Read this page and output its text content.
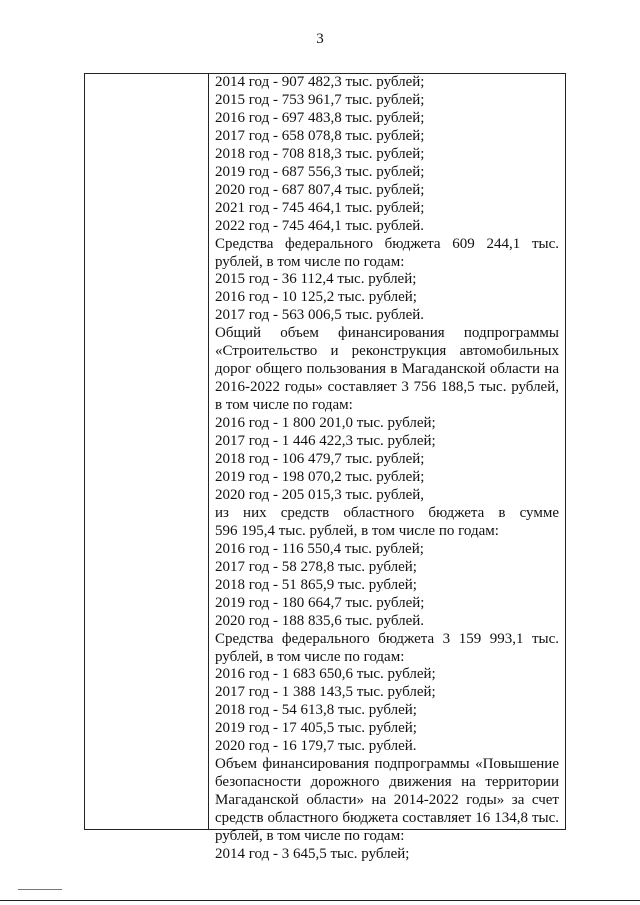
3
2014 год - 907 482,3 тыс. рублей;
2015 год - 753 961,7 тыс. рублей;
2016 год - 697 483,8 тыс. рублей;
2017 год - 658 078,8 тыс. рублей;
2018 год - 708 818,3 тыс. рублей;
2019 год - 687 556,3 тыс. рублей;
2020 год - 687 807,4 тыс. рублей;
2021 год - 745 464,1 тыс. рублей;
2022 год - 745 464,1 тыс. рублей.
Средства федерального бюджета 609 244,1 тыс.
рублей, в том числе по годам:
2015 год - 36 112,4 тыс. рублей;
2016 год - 10 125,2 тыс. рублей;
2017 год - 563 006,5 тыс. рублей.
Общий объем финансирования подпрограммы
«Строительство и реконструкция автомобильных
дорог общего пользования в Магаданской области на
2016-2022 годы» составляет 3 756 188,5 тыс. рублей,
в том числе по годам:
2016 год - 1 800 201,0 тыс. рублей;
2017 год - 1 446 422,3 тыс. рублей;
2018 год - 106 479,7 тыс. рублей;
2019 год - 198 070,2 тыс. рублей;
2020 год - 205 015,3 тыс. рублей,
из них средств областного бюджета в сумме
596 195,4 тыс. рублей, в том числе по годам:
2016 год - 116 550,4 тыс. рублей;
2017 год - 58 278,8 тыс. рублей;
2018 год - 51 865,9 тыс. рублей;
2019 год - 180 664,7 тыс. рублей;
2020 год - 188 835,6 тыс. рублей.
Средства федерального бюджета 3 159 993,1 тыс.
рублей, в том числе по годам:
2016 год - 1 683 650,6 тыс. рублей;
2017 год - 1 388 143,5 тыс. рублей;
2018 год - 54 613,8 тыс. рублей;
2019 год - 17 405,5 тыс. рублей;
2020 год - 16 179,7 тыс. рублей.
Объем финансирования подпрограммы «Повышение
безопасности дорожного движения на территории
Магаданской области» на 2014-2022 годы» за счет
средств областного бюджета составляет 16 134,8 тыс.
рублей, в том числе по годам:
2014 год - 3 645,5 тыс. рублей;
